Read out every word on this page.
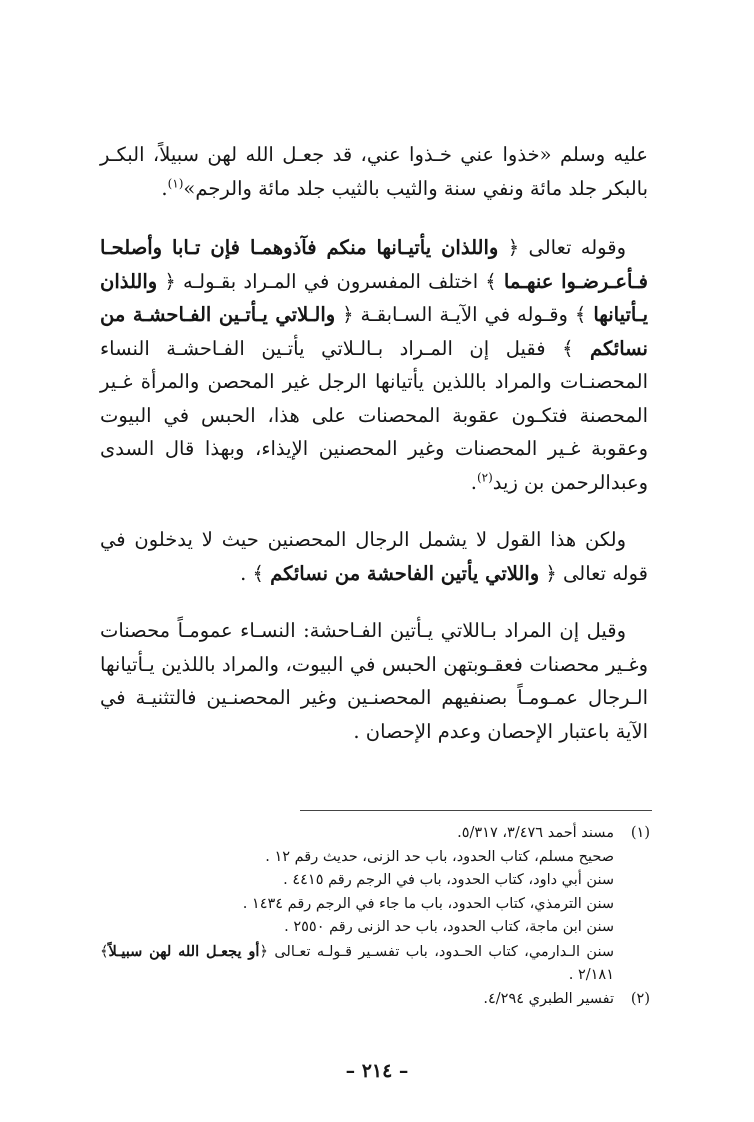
عليه وسلم «خذوا عني خـذوا عني، قد جعـل الله لهن سبيلاً، البكـر بالبكر جلد مائة ونفي سنة والثيب بالثيب جلد مائة والرجم»$^{(١)}$.

وقوله تعالى ﴿ واللذان يأتيـانها منكم فآذوهمـا فإن تـابا وأصلحـا فـأعـرضـوا عنهـما ﴾ اختلف المفسرون في المـراد بقـولـه ﴿ واللذان يـأتيانها ﴾ وقـوله في الآيـة السـابقـة ﴿ والـلاتي يـأتـين الفـاحشـة من نسائكم ﴾ فقيل إن المـراد بـالـلاتي يأتـين الفـاحشـة النساء المحصنـات والمراد باللذين يأتيانها الرجل غير المحصن والمرأة غـير المحصنة فتكـون عقوبة المحصنات على هذا، الحبس في البيوت وعقوبة غـير المحصنات وغير المحصنين الإيذاء، وبهذا قال السدى وعبدالرحمن بن زيد$^{(٢)}$.

ولكن هذا القول لا يشمل الرجال المحصنين حيث لا يدخلون في قوله تعالى ﴿ واللاتي يأتين الفاحشة من نسائكم ﴾ .

وقيل إن المراد بـاللاتي يـأتين الفـاحشة: النسـاء عمومـاً محصنات وغـير محصنات فعقـوبتهن الحبس في البيوت، والمراد باللذين يـأتيانها الـرجال عمـومـاً بصنفيهم المحصنـين وغير المحصنـين فالتثنيـة في الآية باعتبار الإحصان وعدم الإحصان .

(١)مسند أحمد ٣/٤٧٦، ٥/٣١٧.

صحيح مسلم، كتاب الحدود، باب حد الزنى، حديث رقم ١٢ .

سنن أبي داود، كتاب الحدود، باب في الرجم رقم ٤٤١٥ .

سنن الترمذي، كتاب الحدود، باب ما جاء في الرجم رقم ١٤٣٤ .

سنن ابن ماجة، كتاب الحدود، باب حد الزنى رقم ٢٥٥٠ .

سنن الـدارمي، كتاب الحـدود، باب تفسـير قـولـه تعـالى ﴿أو يجعـل الله لهن سبيـلاً﴾ ٢/١٨١ .

(٢)تفسير الطبري ٤/٢٩٤.

– ٢١٤ –
